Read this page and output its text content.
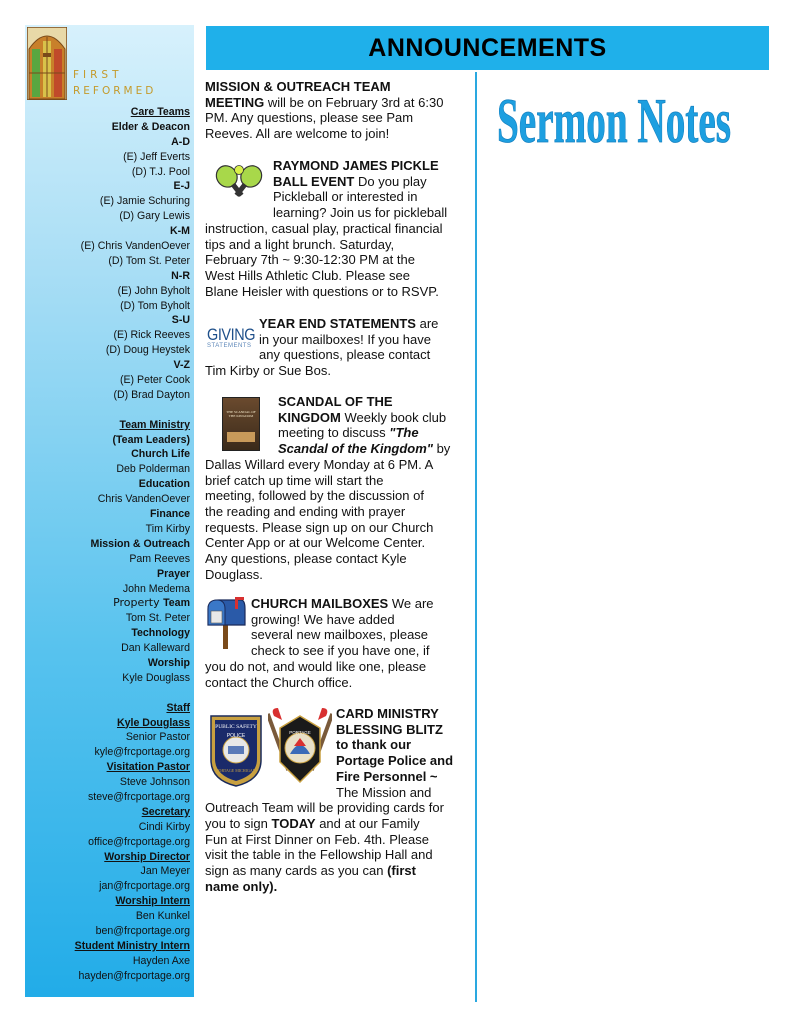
FIRST
REFORMED
Care Teams
Elder & Deacon
A-D
(E) Jeff Everts
(D) T.J. Pool
E-J
(E) Jamie Schuring
(D) Gary Lewis
K-M
(E) Chris VandenOever
(D) Tom St. Peter
N-R
(E) John Byholt
(D) Tom Byholt
S-U
(E) Rick Reeves
(D) Doug Heystek
V-Z
(E) Peter Cook
(D) Brad Dayton
Team Ministry
(Team Leaders)
Church Life
Deb Polderman
Education
Chris VandenOever
Finance
Tim Kirby
Mission & Outreach
Pam Reeves
Prayer
John Medema
Property Team
Tom St. Peter
Technology
Dan Kalleward
Worship
Kyle Douglass
Staff
Kyle Douglass
Senior Pastor
kyle@frcportage.org
Visitation Pastor
Steve Johnson
steve@frcportage.org
Secretary
Cindi Kirby
office@frcportage.org
Worship Director
Jan Meyer
jan@frcportage.org
Worship Intern
Ben Kunkel
ben@frcportage.org
Student Ministry Intern
Hayden Axe
hayden@frcportage.org
ANNOUNCEMENTS
Sermon Notes
MISSION & OUTREACH TEAM
MEETING will be on February 3rd at 6:30
PM. Any questions, please see Pam
Reeves. All are welcome to join!
RAYMOND JAMES PICKLE
BALL EVENT Do you play
Pickleball or interested in
learning? Join us for pickleball
instruction, casual play, practical financial
tips and a light brunch. Saturday,
February 7th ~ 9:30-12:30 PM at the
West Hills Athletic Club. Please see
Blane Heisler with questions or to RSVP.
GIVING
STATEMENTS
YEAR END STATEMENTS are
in your mailboxes! If you have
any questions, please contact
Tim Kirby or Sue Bos.
THE SCANDAL OF THE KINGDOM
SCANDAL OF THE
KINGDOM Weekly book club
meeting to discuss "The
Scandal of the Kingdom" by
Dallas Willard every Monday at 6 PM. A
brief catch up time will start the
meeting, followed by the discussion of
the reading and ending with prayer
requests. Please sign up on our Church
Center App or at our Welcome Center.
Any questions, please contact Kyle
Douglass.
CHURCH MAILBOXES We are
growing! We have added
several new mailboxes, please
check to see if you have one, if
you do not, and would like one, please
contact the Church office.
PUBLIC SAFETY
POLICE
PORTAGE MICHIGAN
PORTAGE
CARD MINISTRY
BLESSING BLITZ
to thank our
Portage Police and
Fire Personnel ~
The Mission and
Outreach Team will be providing cards for
you to sign TODAY and at our Family
Fun at First Dinner on Feb. 4th. Please
visit the table in the Fellowship Hall and
sign as many cards as you can (first
name only).
